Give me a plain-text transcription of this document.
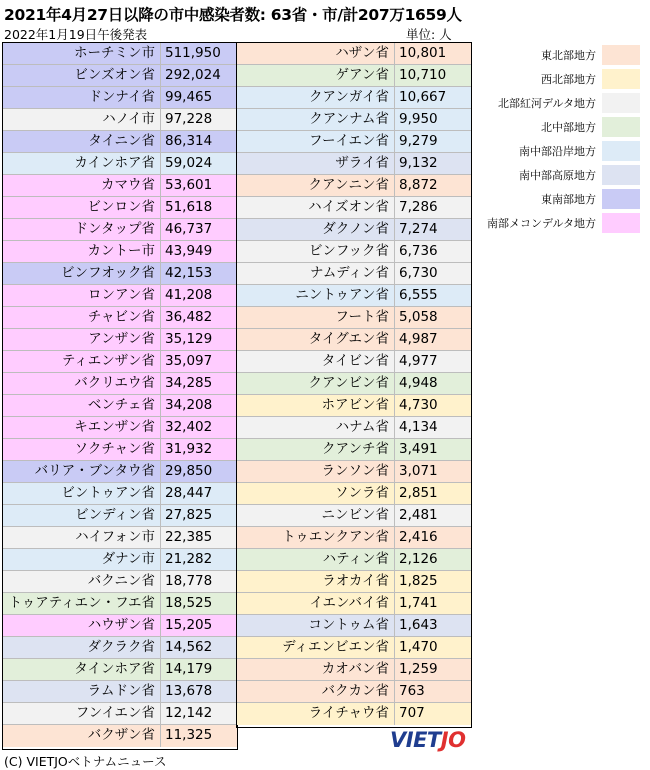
2021年4月27日以降の市中感染者数: 63省・市/計207万1659人
2022年1月19日午後発表	単位: 人
ホーチミン市 511,950
ビンズオン省 292,024
ドンナイ省 99,465
ハノイ市 97,228
タイニン省 86,314
カインホア省 59,024
カマウ省 53,601
ビンロン省 51,618
ドンタップ省 46,737
カントー市 43,949
ビンフオック省 42,153
ロンアン省 41,208
チャビン省 36,482
アンザン省 35,129
ティエンザン省 35,097
バクリエウ省 34,285
ベンチェ省 34,208
キエンザン省 32,402
ソクチャン省 31,932
バリア・ブンタウ省 29,850
ビントゥアン省 28,447
ビンディン省 27,825
ハイフォン市 22,385
ダナン市 21,282
バクニン省 18,778
トゥアティエン・フエ省 18,525
ハウザン省 15,205
ダクラク省 14,562
タインホア省 14,179
ラムドン省 13,678
フンイエン省 12,142
バクザン省 11,325
ハザン省 10,801
ゲアン省 10,710
クアンガイ省 10,667
クアンナム省 9,950
フーイエン省 9,279
ザライ省 9,132
クアンニン省 8,872
ハイズオン省 7,286
ダクノン省 7,274
ビンフック省 6,736
ナムディン省 6,730
ニントゥアン省 6,555
フート省 5,058
タイグエン省 4,987
タイビン省 4,977
クアンビン省 4,948
ホアビン省 4,730
ハナム省 4,134
クアンチ省 3,491
ランソン省 3,071
ソンラ省 2,851
ニンビン省 2,481
トゥエンクアン省 2,416
ハティン省 2,126
ラオカイ省 1,825
イエンバイ省 1,741
コントゥム省 1,643
ディエンビエン省 1,470
カオバン省 1,259
バクカン省 763
ライチャウ省 707
東北部地方
西北部地方
北部紅河デルタ地方
北中部地方
南中部沿岸地方
南中部高原地方
東南部地方
南部メコンデルタ地方
VIETJO
(C) VIETJOベトナムニュース
